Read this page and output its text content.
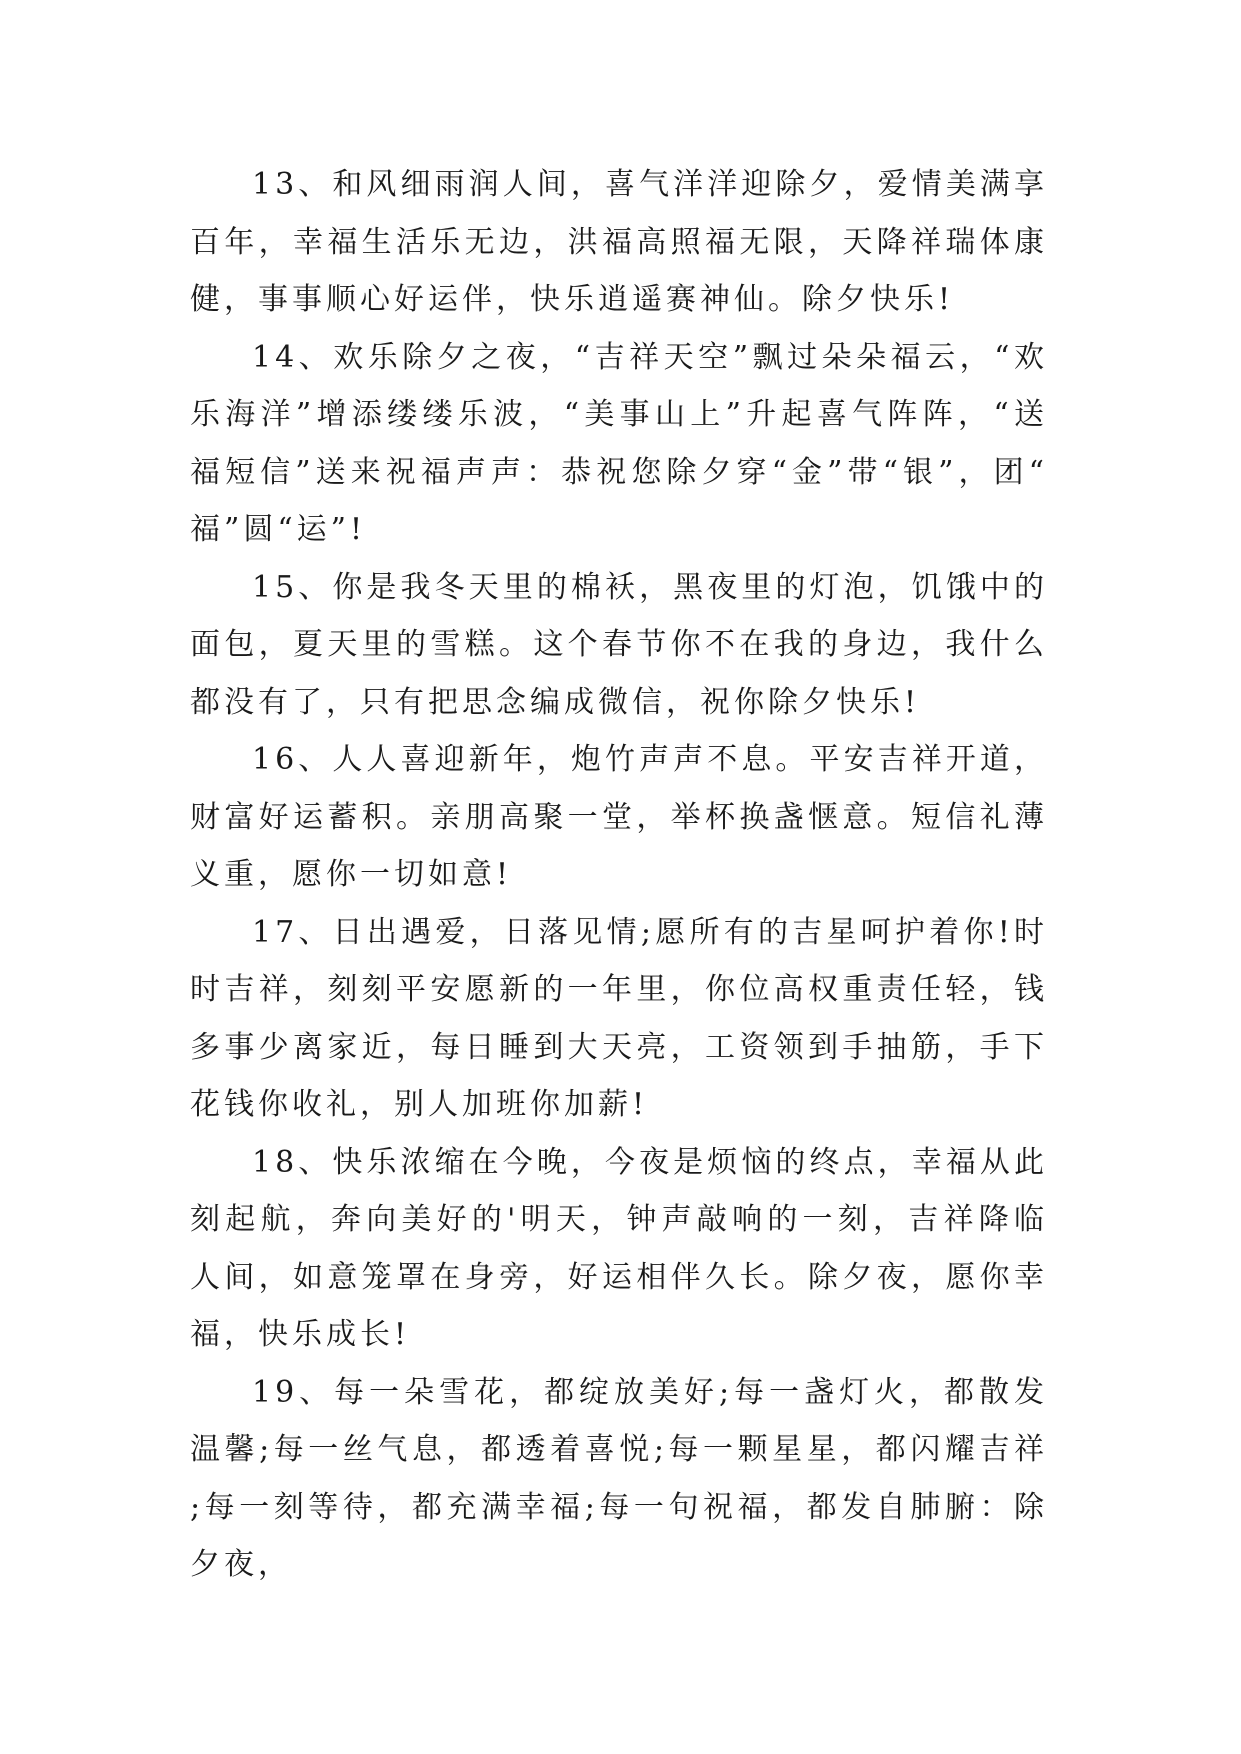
13、和风细雨润人间，喜气洋洋迎除夕，爱情美满享百年，幸福生活乐无边，洪福高照福无限，天降祥瑞体康健，事事顺心好运伴，快乐逍遥赛神仙。除夕快乐!

14、欢乐除夕之夜，“吉祥天空”飘过朵朵福云，“欢乐海洋”增添缕缕乐波，“美事山上”升起喜气阵阵，“送福短信”送来祝福声声：恭祝您除夕穿“金”带“银”，团“福”圆“运”!

15、你是我冬天里的棉袄，黑夜里的灯泡，饥饿中的面包，夏天里的雪糕。这个春节你不在我的身边，我什么都没有了，只有把思念编成微信，祝你除夕快乐!

16、人人喜迎新年，炮竹声声不息。平安吉祥开道，财富好运蓄积。亲朋高聚一堂，举杯换盏惬意。短信礼薄义重，愿你一切如意!

17、日出遇爱，日落见情;愿所有的吉星呵护着你!时时吉祥，刻刻平安愿新的一年里，你位高权重责任轻，钱多事少离家近，每日睡到大天亮，工资领到手抽筋，手下花钱你收礼，别人加班你加薪!

18、快乐浓缩在今晚，今夜是烦恼的终点，幸福从此刻起航，奔向美好的'明天，钟声敲响的一刻，吉祥降临人间，如意笼罩在身旁，好运相伴久长。除夕夜，愿你幸福，快乐成长!

19、每一朵雪花，都绽放美好;每一盏灯火，都散发温馨;每一丝气息，都透着喜悦;每一颗星星，都闪耀吉祥;每一刻等待，都充满幸福;每一句祝福，都发自肺腑：除夕夜，
